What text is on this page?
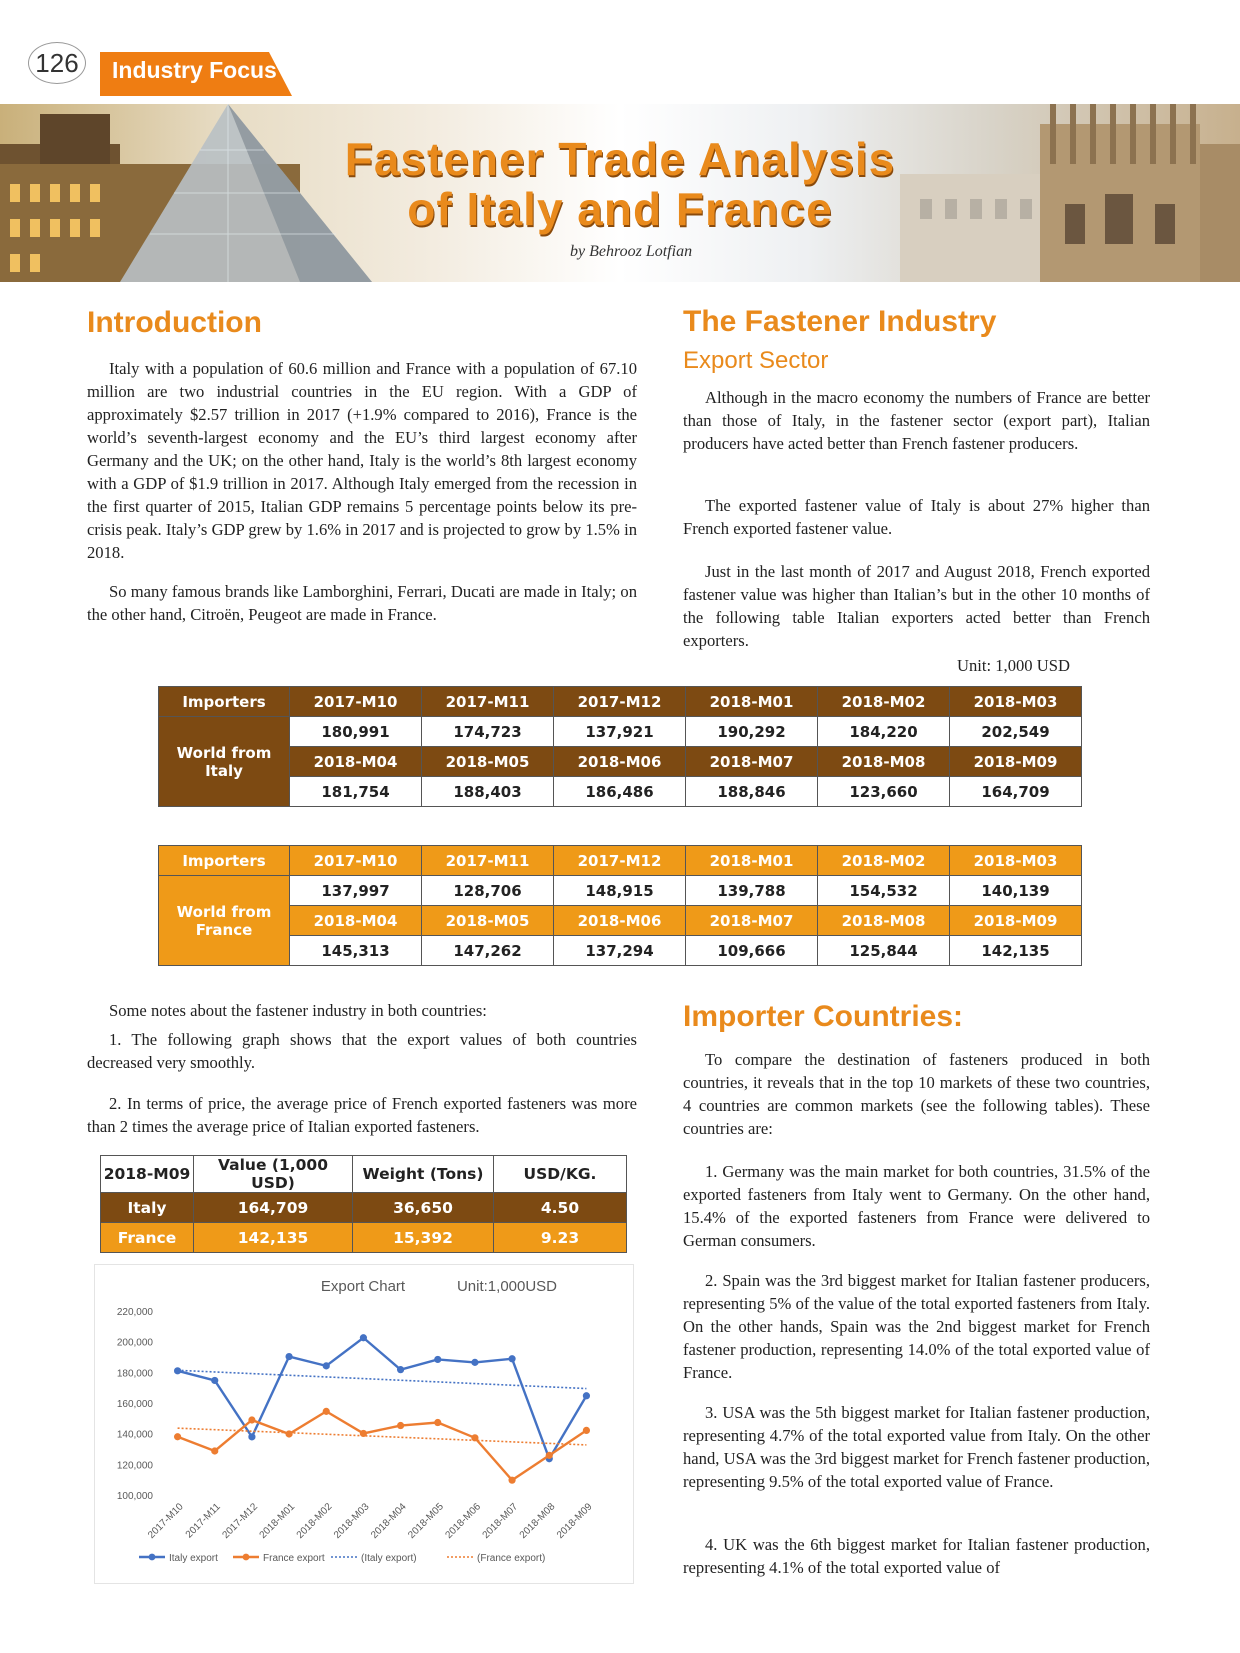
126	Industry Focus
Fastener Trade Analysis
of Italy and France
by Behrooz Lotfian
Introduction

Italy with a population of 60.6 million and France with a population of 67.10 million are two industrial countries in the EU region. With a GDP of approximately $2.57 trillion in 2017 (+1.9% compared to 2016), France is the world’s seventh-largest economy and the EU’s third largest economy after Germany and the UK; on the other hand, Italy is the world’s 8th largest economy with a GDP of $1.9 trillion in 2017. Although Italy emerged from the recession in the first quarter of 2015, Italian GDP remains 5 percentage points below its pre-crisis peak. Italy’s GDP grew by 1.6% in 2017 and is projected to grow by 1.5% in 2018.

So many famous brands like Lamborghini, Ferrari, Ducati are made in Italy; on the other hand, Citroën, Peugeot are made in France.

The Fastener Industry
Export Sector

Although in the macro economy the numbers of France are better than those of Italy, in the fastener sector (export part), Italian producers have acted better than French fastener producers.

The exported fastener value of Italy is about 27% higher than French exported fastener value.

Just in the last month of 2017 and August 2018, French exported fastener value was higher than Italian’s but in the other 10 months of the following table Italian exporters acted better than French exporters.

Unit: 1,000 USD
Importers	2017-M10	2017-M11	2017-M12	2018-M01	2018-M02	2018-M03
World from Italy	180,991	174,723	137,921	190,292	184,220	202,549
	2018-M04	2018-M05	2018-M06	2018-M07	2018-M08	2018-M09
	181,754	188,403	186,486	188,846	123,660	164,709
Importers	2017-M10	2017-M11	2017-M12	2018-M01	2018-M02	2018-M03
World from France	137,997	128,706	148,915	139,788	154,532	140,139
	2018-M04	2018-M05	2018-M06	2018-M07	2018-M08	2018-M09
	145,313	147,262	137,294	109,666	125,844	142,135

Some notes about the fastener industry in both countries:

1. The following graph shows that the export values of both countries decreased very smoothly.

2. In terms of price, the average price of French exported fasteners was more than 2 times the average price of Italian exported fasteners.

2018-M09	Value (1,000 USD)	Weight (Tons)	USD/KG.
Italy	164,709	36,650	4.50
France	142,135	15,392	9.23
Export Chart	Unit:1,000USD
220,000
200,000
180,000
160,000
140,000
120,000
100,000
2017-M10
2017-M11
2017-M12
2018-M01
2018-M02
2018-M03
2018-M04
2018-M05
2018-M06
2018-M07
2018-M08
2018-M09
Italy export	France export	(Italy export)	(France export)
Importer Countries:

To compare the destination of fasteners produced in both countries, it reveals that in the top 10 markets of these two countries, 4 countries are common markets (see the following tables). These countries are:

1. Germany was the main market for both countries, 31.5% of the exported fasteners from Italy went to Germany. On the other hand, 15.4% of the exported fasteners from France were delivered to German consumers.

2. Spain was the 3rd biggest market for Italian fastener producers, representing 5% of the value of the total exported fasteners from Italy. On the other hands, Spain was the 2nd biggest market for French fastener production, representing 14.0% of the total exported value of France.

3. USA was the 5th biggest market for Italian fastener production, representing 4.7% of the total exported value from Italy. On the other hand, USA was the 3rd biggest market for French fastener production, representing 9.5% of the total exported value of France.

4. UK was the 6th biggest market for Italian fastener production, representing 4.1% of the total exported value of
